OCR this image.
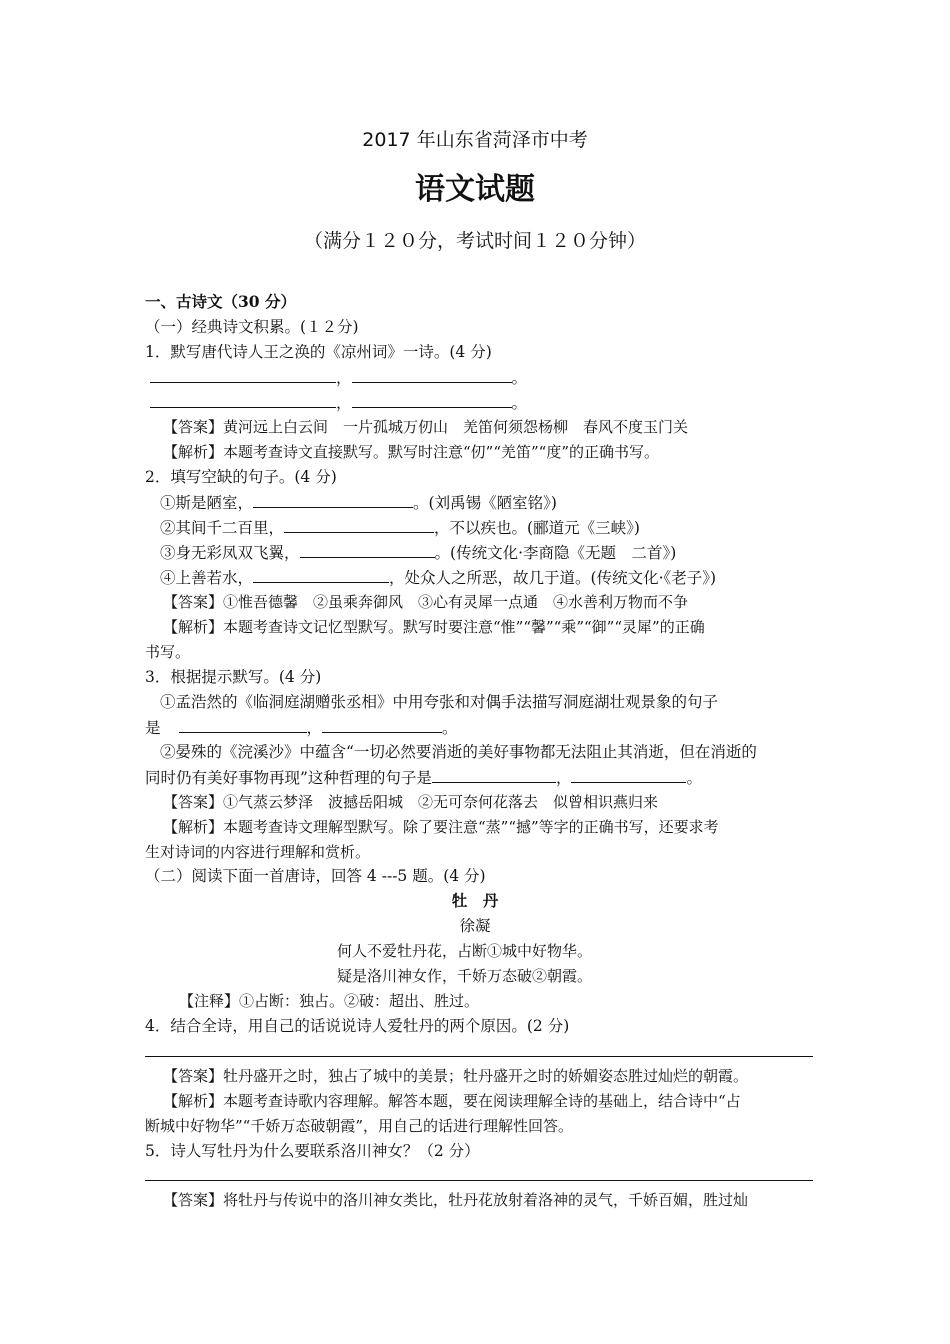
2017 年山东省菏泽市中考
语文试题
（满分１２０分，考试时间１２０分钟）
一、古诗文（30 分）
（一）经典诗文积累。(１２分)
1．默写唐代诗人王之涣的《凉州词》一诗。(4 分)
，	。
，	。
【答案】黄河远上白云间　一片孤城万仞山　羌笛何须怨杨柳　春风不度玉门关
【解析】本题考查诗文直接默写。默写时注意“仞”“羌笛”“度”的正确书写。
2．填写空缺的句子。(4 分)
①斯是陋室，	。(刘禹锡《陋室铭》)
②其间千二百里，	，不以疾也。(郦道元《三峡》)
③身无彩凤双飞翼，	。(传统文化·李商隐《无题　二首》)
④上善若水，	，处众人之所恶，故几于道。(传统文化·《老子》)
【答案】①惟吾德馨　②虽乘奔御风　③心有灵犀一点通　④水善利万物而不争
【解析】本题考查诗文记忆型默写。默写时要注意“惟”“馨”“乘”“御”“灵犀”的正确
书写。
3．根据提示默写。(4 分)
①孟浩然的《临洞庭湖赠张丞相》中用夸张和对偶手法描写洞庭湖壮观景象的句子
是	，	。
②晏殊的《浣溪沙》中蕴含“一切必然要消逝的美好事物都无法阻止其消逝，但在消逝的
同时仍有美好事物再现”这种哲理的句子是	，	。
【答案】①气蒸云梦泽　波撼岳阳城　②无可奈何花落去　似曾相识燕归来
【解析】本题考查诗文理解型默写。除了要注意“蒸”“撼”等字的正确书写，还要求考
生对诗词的内容进行理解和赏析。
（二）阅读下面一首唐诗，回答 4 ---5 题。(4 分)
牡　丹
徐凝
何人不爱牡丹花，占断①城中好物华。
疑是洛川神女作，千娇万态破②朝霞。
【注释】①占断：独占。②破：超出、胜过。
4．结合全诗，用自己的话说说诗人爱牡丹的两个原因。(2 分)
【答案】牡丹盛开之时，独占了城中的美景；牡丹盛开之时的娇媚姿态胜过灿烂的朝霞。
【解析】本题考查诗歌内容理解。解答本题，要在阅读理解全诗的基础上，结合诗中“占
断城中好物华”“千娇万态破朝霞”，用自己的话进行理解性回答。
5．诗人写牡丹为什么要联系洛川神女？（2 分）
【答案】将牡丹与传说中的洛川神女类比，牡丹花放射着洛神的灵气，千娇百媚，胜过灿
